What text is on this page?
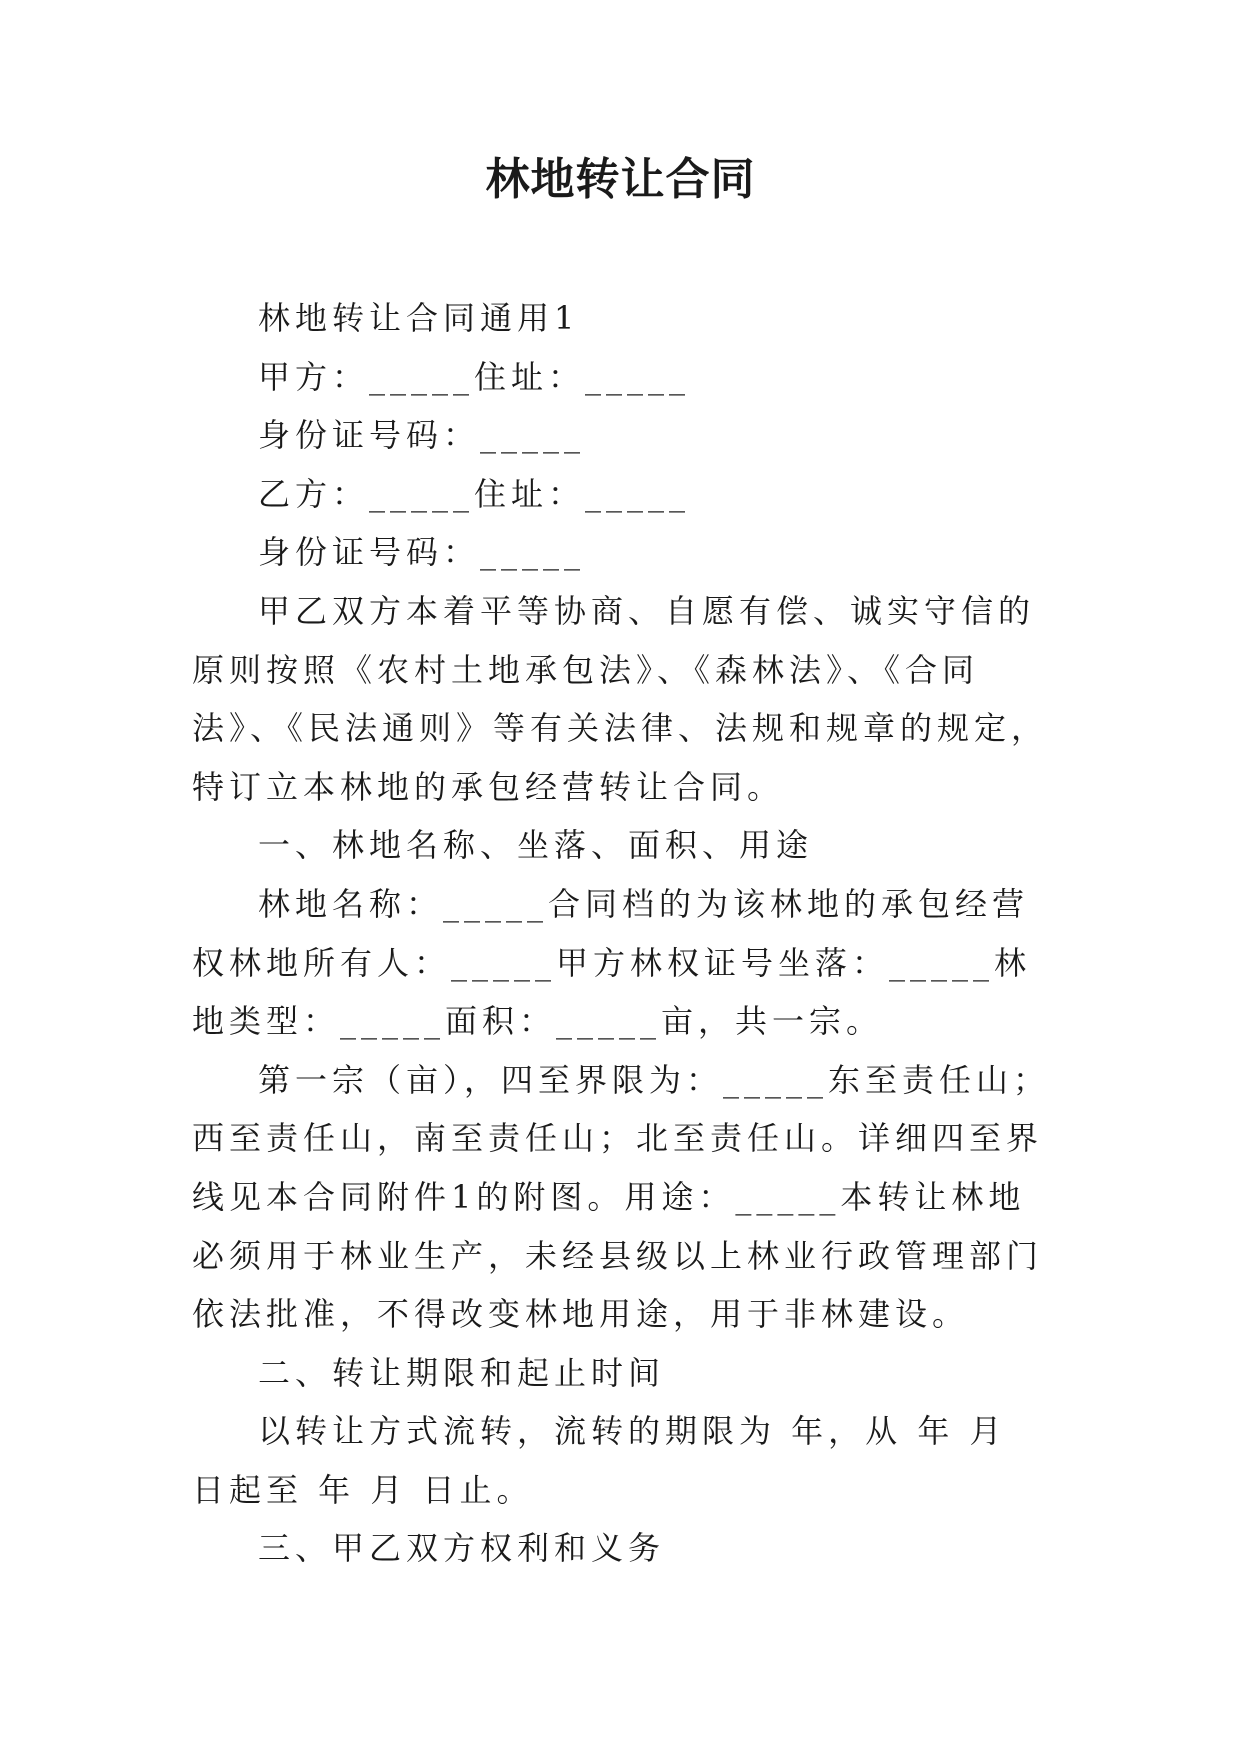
林地转让合同

林地转让合同通用1

甲方：_____住址：_____

身份证号码：_____

乙方：_____住址：_____

身份证号码：_____

甲乙双方本着平等协商、自愿有偿、诚实守信的原则按照《农村土地承包法》、《森林法》、《合同法》、《民法通则》等有关法律、法规和规章的规定，特订立本林地的承包经营转让合同。

一、林地名称、坐落、面积、用途

林地名称：_____合同档的为该林地的承包经营权林地所有人：_____甲方林权证号坐落：_____林地类型：_____面积：_____亩，共一宗。

第一宗（亩），四至界限为：_____东至责任山；西至责任山，南至责任山；北至责任山。详细四至界线见本合同附件1的附图。用途：_____本转让林地必须用于林业生产，未经县级以上林业行政管理部门依法批准，不得改变林地用途，用于非林建设。

二、转让期限和起止时间

以转让方式流转，流转的期限为 年，从 年 月 日起至 年 月 日止。

三、甲乙双方权利和义务
